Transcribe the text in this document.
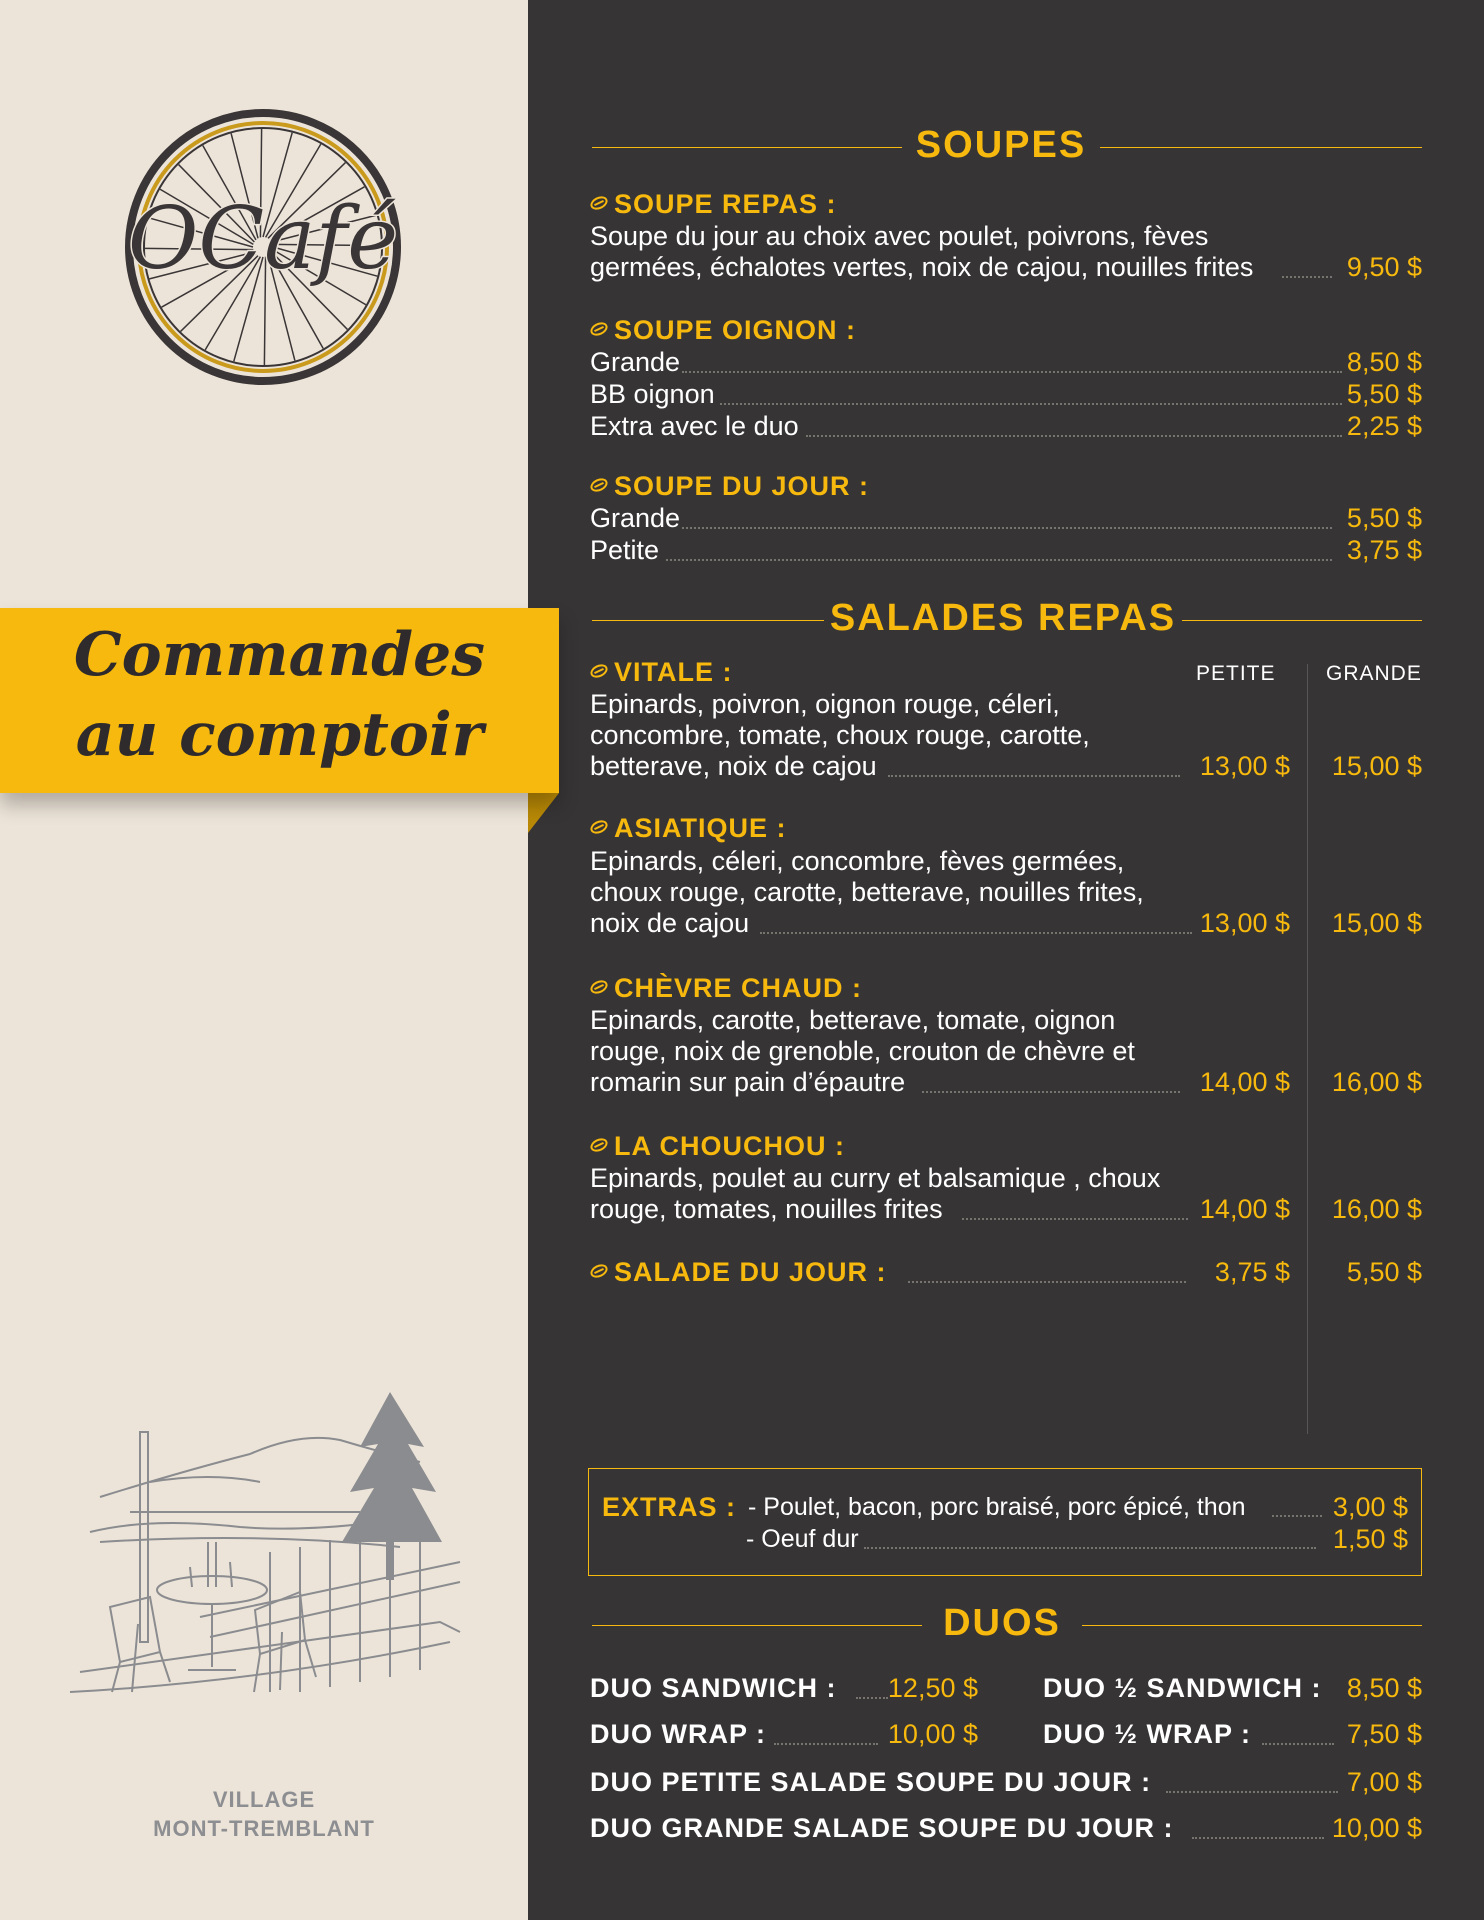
OCafé
Commandes
au comptoir
VILLAGE
MONT-TREMBLANT
SOUPES
SOUPE REPAS :
Soupe du jour au choix avec poulet, poivrons, fèves
germées, échalotes vertes, noix de cajou, nouilles frites	9,50 $
SOUPE OIGNON :
Grande	8,50 $
BB oignon	5,50 $
Extra avec le duo	2,25 $
SOUPE DU JOUR :
Grande	5,50 $
Petite	3,75 $
SALADES REPAS
PETITE GRANDE
VITALE :
Epinards, poivron, oignon rouge, céleri,
concombre, tomate, choux rouge, carotte,
betterave, noix de cajou	13,00 $	15,00 $
ASIATIQUE :
Epinards, céleri, concombre, fèves germées,
choux rouge, carotte, betterave, nouilles frites,
noix de cajou	13,00 $	15,00 $
CHÈVRE CHAUD :
Epinards, carotte, betterave, tomate, oignon
rouge, noix de grenoble, crouton de chèvre et
romarin sur pain d’épautre	14,00 $	16,00 $
LA CHOUCHOU :
Epinards, poulet au curry et balsamique , choux
rouge, tomates, nouilles frites	14,00 $	16,00 $
SALADE DU JOUR :	3,75 $	5,50 $
EXTRAS : - Poulet, bacon, porc braisé, porc épicé, thon	3,00 $
- Oeuf dur	1,50 $
DUOS
DUO SANDWICH :	12,50 $ DUO ½ SANDWICH : 8,50 $
DUO WRAP :	10,00 $ DUO ½ WRAP :	7,50 $
DUO PETITE SALADE SOUPE DU JOUR :	7,00 $
DUO GRANDE SALADE SOUPE DU JOUR :	10,00 $
